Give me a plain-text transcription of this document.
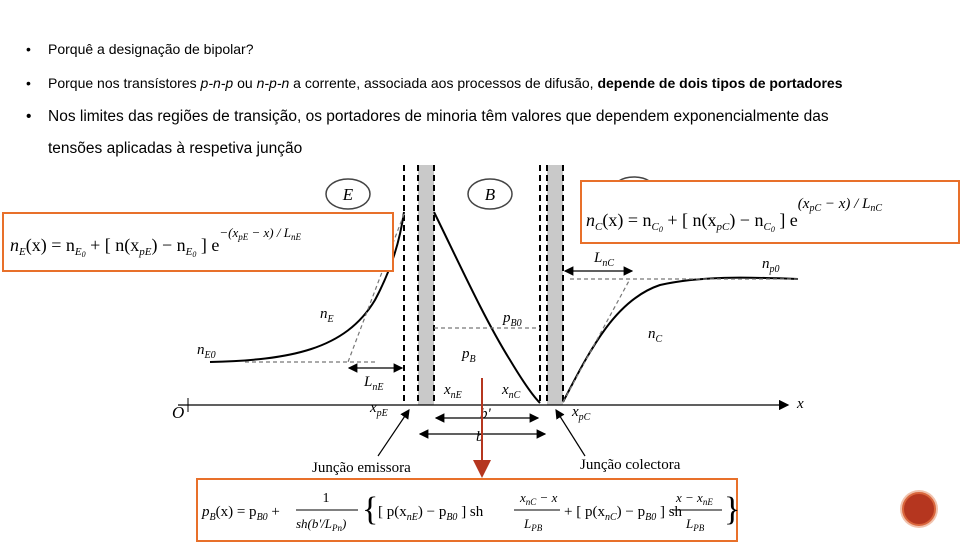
• Porquê a designação de bipolar?
• Porque nos transístores p-n-p ou n-p-n a corrente, associada aos processos de difusão, depende de dois tipos de portadores
• Nos limites das regiões de transição, os portadores de minoria têm valores que dependem exponencialmente das
tensões aplicadas à respetiva junção
E	B
x
O
$n_E$
$n_{E0}$
$L_{nE}$
$x_{pE}$
$x_{nE}$
$p_B$
$p_{B0}$
$x_{nC}$
$x_{pC}$
$L_{nC}$	$n_{p0}$
$n_C$
b'
b
Junção emissora	Junção colectora
$n_E(x) = n_E0$ + [ $n(x_{pE}) - n_E0$ ] $e^{-(x}pE - x$) / LnE
$n_C(x) = n_C0$ + [ $n(x_{pC}) - n_C0$ ] $e^{(x}pC - x$) / LnC
$p_B(x) = p_{B0}$ +
1
$sh(b'/L_{Pn})$ { [ $p(x_{nE}) - p_{B0}$ ] sh
$x_{nC} - x$
$L_{PB}$
+ [ $p(x_{nC}) - p_{B0}$ ] sh
$x - x_{nE}$
$L_{PB}$ }
